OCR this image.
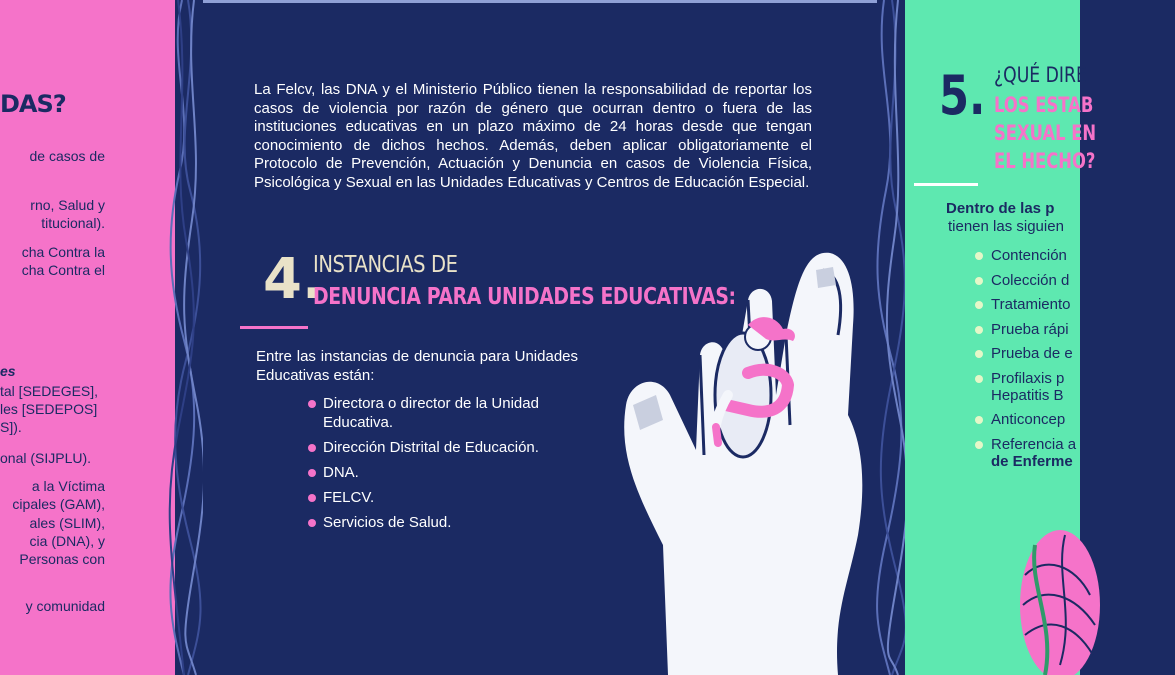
DAS?
de casos de
rno, Salud y
titucional).
cha Contra la
cha Contra el
es
tal [SEDEGES],
les [SEDEPOS]
S]).
onal (SIJPLU).
a la Víctima
cipales (GAM),
ales (SLIM),
cia (DNA), y
Personas con
y comunidad

La Felcv, las DNA y el Ministerio Público tienen la responsabilidad de reportar los casos de violencia por razón de género que ocurran dentro o fuera de las instituciones educativas en un plazo máximo de 24 horas desde que tengan conocimiento de dichos hechos. Además, deben aplicar obligatoriamente el Protocolo de Prevención, Actuación y Denuncia en casos de Violencia Física, Psicológica y Sexual en las Unidades Educativas y Centros de Educación Especial.

4.
INSTANCIAS DE
DENUNCIA PARA UNIDADES EDUCATIVAS:

Entre las instancias de denuncia para Unidades Educativas están:

Directora o director de la Unidad Educativa.
Dirección Distrital de Educación.
DNA.
FELCV.
Servicios de Salud.
5. ¿QUÉ DIRE
LOS ESTAB
SEXUAL EN
EL HECHO?
Dentro de las p
tienen las siguien
Contención
Colección d
Tratamiento
Prueba rápi
Prueba de e
Profilaxis p
Hepatitis B
Anticoncep
Referencia a
de Enferme
